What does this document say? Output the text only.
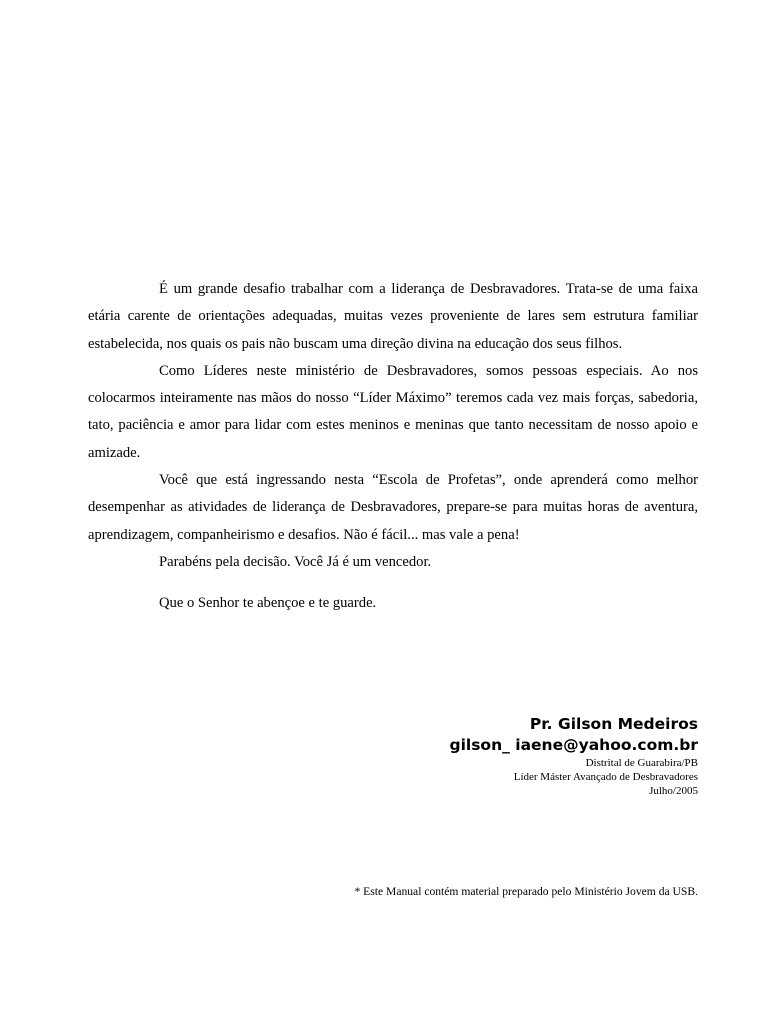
É um grande desafio trabalhar com a liderança de Desbravadores. Trata-se de uma faixa etária carente de orientações adequadas, muitas vezes proveniente de lares sem estrutura familiar estabelecida, nos quais os pais não buscam uma direção divina na educação dos seus filhos.

Como Líderes neste ministério de Desbravadores, somos pessoas especiais. Ao nos colocarmos inteiramente nas mãos do nosso “Líder Máximo” teremos cada vez mais forças, sabedoria, tato, paciência e amor para lidar com estes meninos e meninas que tanto necessitam de nosso apoio e amizade.

Você que está ingressando nesta “Escola de Profetas”, onde aprenderá como melhor desempenhar as atividades de liderança de Desbravadores, prepare-se para muitas horas de aventura, aprendizagem, companheirismo e desafios. Não é fácil... mas vale a pena!

Parabéns pela decisão. Você Já é um vencedor.

Que o Senhor te abençoe e te guarde.

Pr. Gilson Medeiros
gilson_ iaene@yahoo.com.br
Distrital de Guarabira/PB
Líder Máster Avançado de Desbravadores
Julho/2005
* Este Manual contém material preparado pelo Ministério Jovem da USB.
